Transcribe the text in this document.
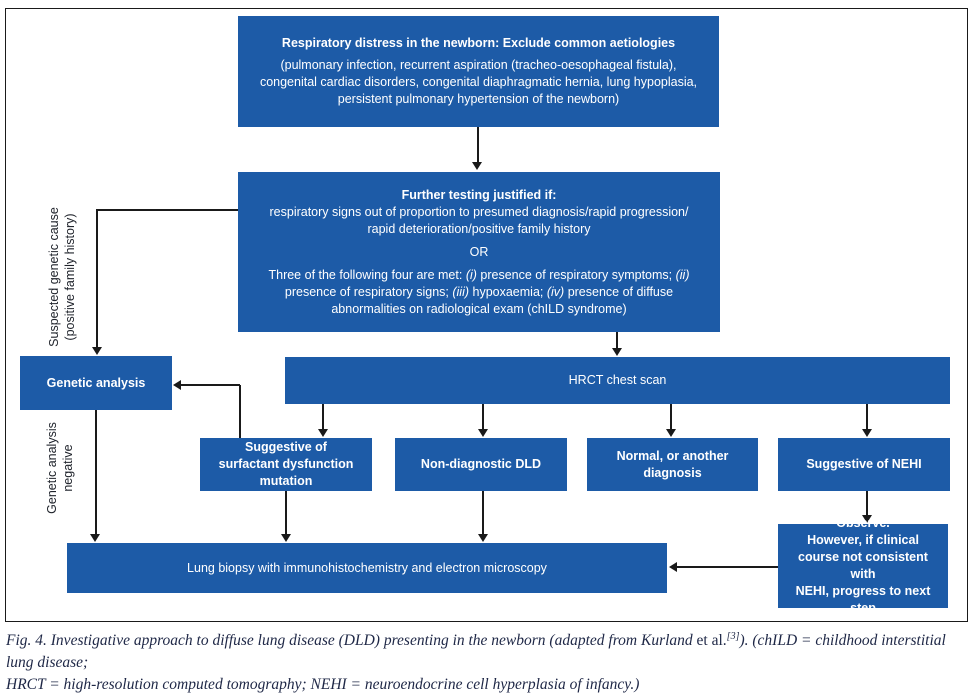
Respiratory distress in the newborn: Exclude common aetiologies
(pulmonary infection, recurrent aspiration (tracheo-oesophageal fistula),
congenital cardiac disorders, congenital diaphragmatic hernia, lung hypoplasia,
persistent pulmonary hypertension of the newborn)
Further testing justified if:
respiratory signs out of proportion to presumed diagnosis/rapid progression/
rapid deterioration/positive family history
OR
Three of the following four are met: (i) presence of respiratory symptoms; (ii) presence of respiratory signs; (iii) hypoxaemia; (iv) presence of diffuse abnormalities on radiological exam (chILD syndrome)
Suspected genetic cause (positive family history)
Genetic analysis	HRCT chest scan
Suggestive of surfactant dysfunction mutation
Non-diagnostic DLD
Normal, or another diagnosis
Suggestive of NEHI
Genetic analysis negative
Observe.
However, if clinical
course not consistent with
NEHI, progress to next step
Lung biopsy with immunohistochemistry and electron microscopy
Fig. 4. Investigative approach to diffuse lung disease (DLD) presenting in the newborn (adapted from Kurland et al.[3]). (chILD = childhood interstitial lung disease;
HRCT = high-resolution computed tomography; NEHI = neuroendocrine cell hyperplasia of infancy.)
